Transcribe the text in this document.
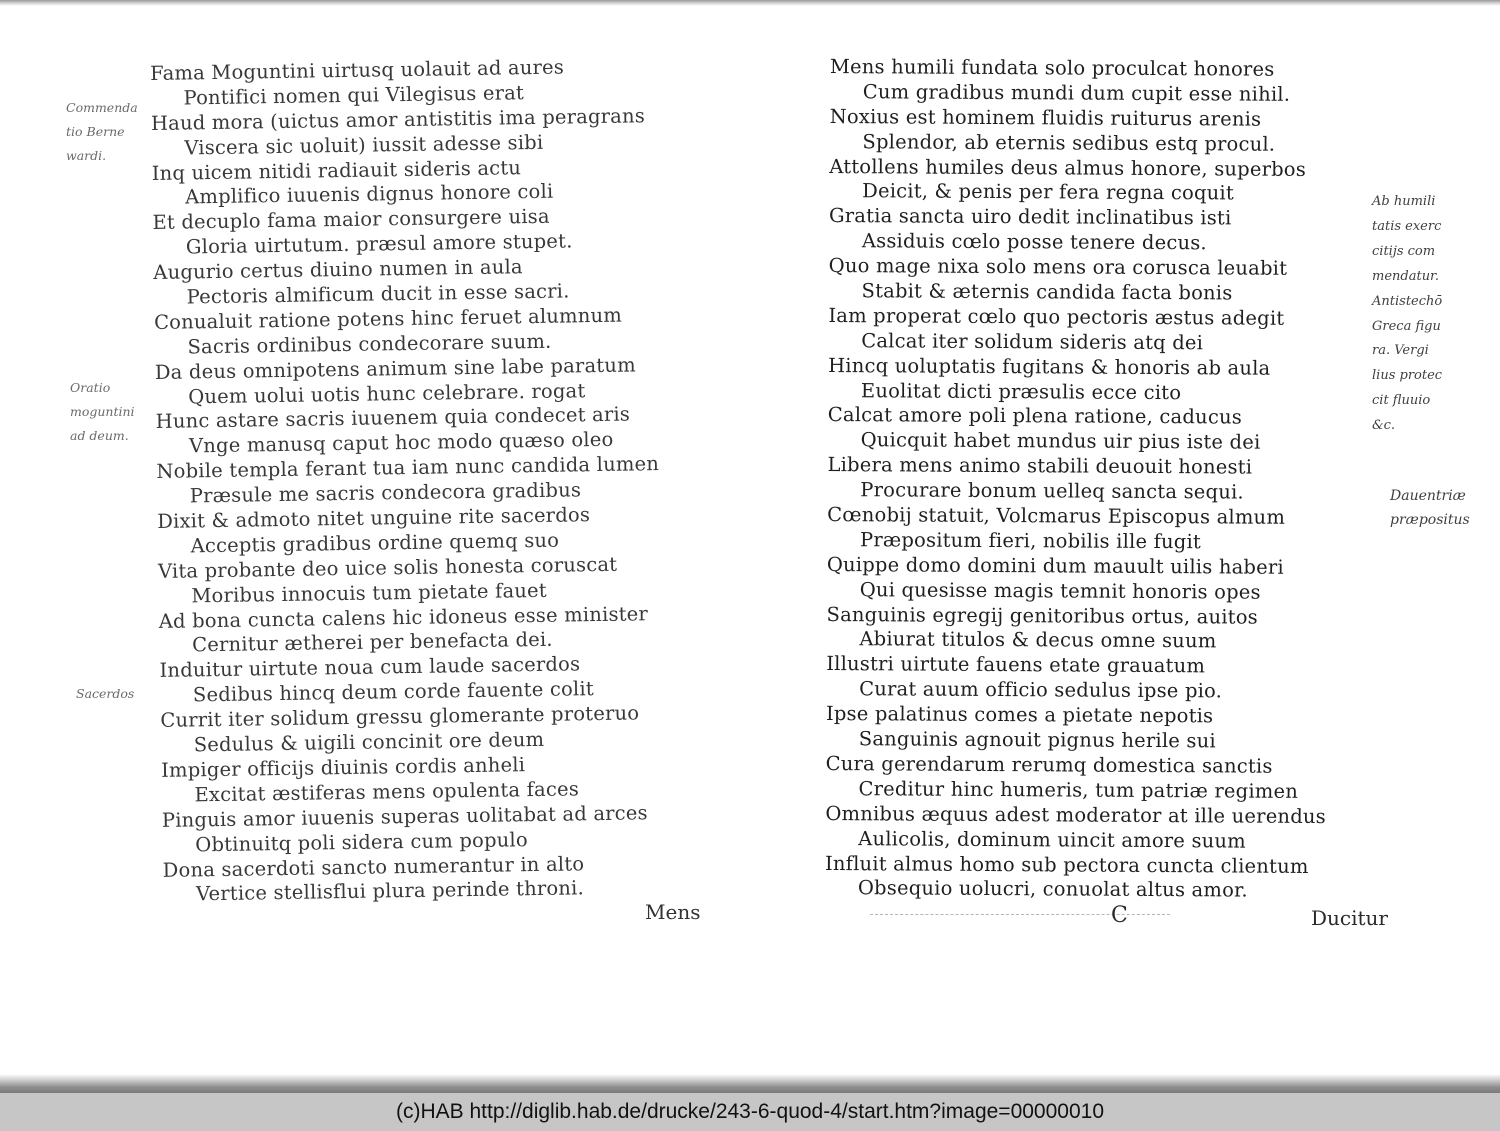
Commenda
tio Berne
wardi.
Oratio
moguntini
ad deum.
Sacerdos
Fama Moguntini uirtusq uolauit ad aures
Pontifici nomen qui Vilegisus erat
Haud mora (uictus amor antistitis ima peragrans
Viscera sic uoluit) iussit adesse sibi
Inq uicem nitidi radiauit sideris actu
Amplifico iuuenis dignus honore coli
Et decuplo fama maior consurgere uisa
Gloria uirtutum. præsul amore stupet.
Augurio certus diuino numen in aula
Pectoris almificum ducit in esse sacri.
Conualuit ratione potens hinc feruet alumnum
Sacris ordinibus condecorare suum.
Da deus omnipotens animum sine labe paratum
Quem uolui uotis hunc celebrare. rogat
Hunc astare sacris iuuenem quia condecet aris
Vnge manusq caput hoc modo quæso oleo
Nobile templa ferant tua iam nunc candida lumen
Præsule me sacris condecora gradibus
Dixit & admoto nitet unguine rite sacerdos
Acceptis gradibus ordine quemq suo
Vita probante deo uice solis honesta coruscat
Moribus innocuis tum pietate fauet
Ad bona cuncta calens hic idoneus esse minister
Cernitur ætherei per benefacta dei.
Induitur uirtute noua cum laude sacerdos
Sedibus hincq deum corde fauente colit
Currit iter solidum gressu glomerante proteruo
Sedulus & uigili concinit ore deum
Impiger officijs diuinis cordis anheli
Excitat æstiferas mens opulenta faces
Pinguis amor iuuenis superas uolitabat ad arces
Obtinuitq poli sidera cum populo
Dona sacerdoti sancto numerantur in alto
Vertice stellisflui plura perinde throni.
Mens
Mens humili fundata solo proculcat honores
Cum gradibus mundi dum cupit esse nihil.
Noxius est hominem fluidis ruiturus arenis
Splendor, ab eternis sedibus estq procul.
Attollens humiles deus almus honore, superbos
Deicit, & penis per fera regna coquit
Gratia sancta uiro dedit inclinatibus isti
Assiduis cœlo posse tenere decus.
Quo mage nixa solo mens ora corusca leuabit
Stabit & æternis candida facta bonis
Iam properat cœlo quo pectoris æstus adegit
Calcat iter solidum sideris atq dei
Hincq uoluptatis fugitans & honoris ab aula
Euolitat dicti præsulis ecce cito
Calcat amore poli plena ratione, caducus
Quicquit habet mundus uir pius iste dei
Libera mens animo stabili deuouit honesti
Procurare bonum uelleq sancta sequi.
Cœnobij statuit, Volcmarus Episcopus almum
Præpositum fieri, nobilis ille fugit
Quippe domo domini dum mauult uilis haberi
Qui quesisse magis temnit honoris opes
Sanguinis egregij genitoribus ortus, auitos
Abiurat titulos & decus omne suum
Illustri uirtute fauens etate grauatum
Curat auum officio sedulus ipse pio.
Ipse palatinus comes a pietate nepotis
Sanguinis agnouit pignus herile sui
Cura gerendarum rerumq domestica sanctis
Creditur hinc humeris, tum patriæ regimen
Omnibus æquus adest moderator at ille uerendus
Aulicolis, dominum uincit amore suum
Influit almus homo sub pectora cuncta clientum
Obsequio uolucri, conuolat altus amor.
Ab humili
tatis exerc
citijs com
mendatur.
Antistechō
Greca figu
ra. Vergi
lius protec
cit fluuio
&c.
Dauentriæ
præpositus
C	Ducitur
(c)HAB http://diglib.hab.de/drucke/243-6-quod-4/start.htm?image=00000010
